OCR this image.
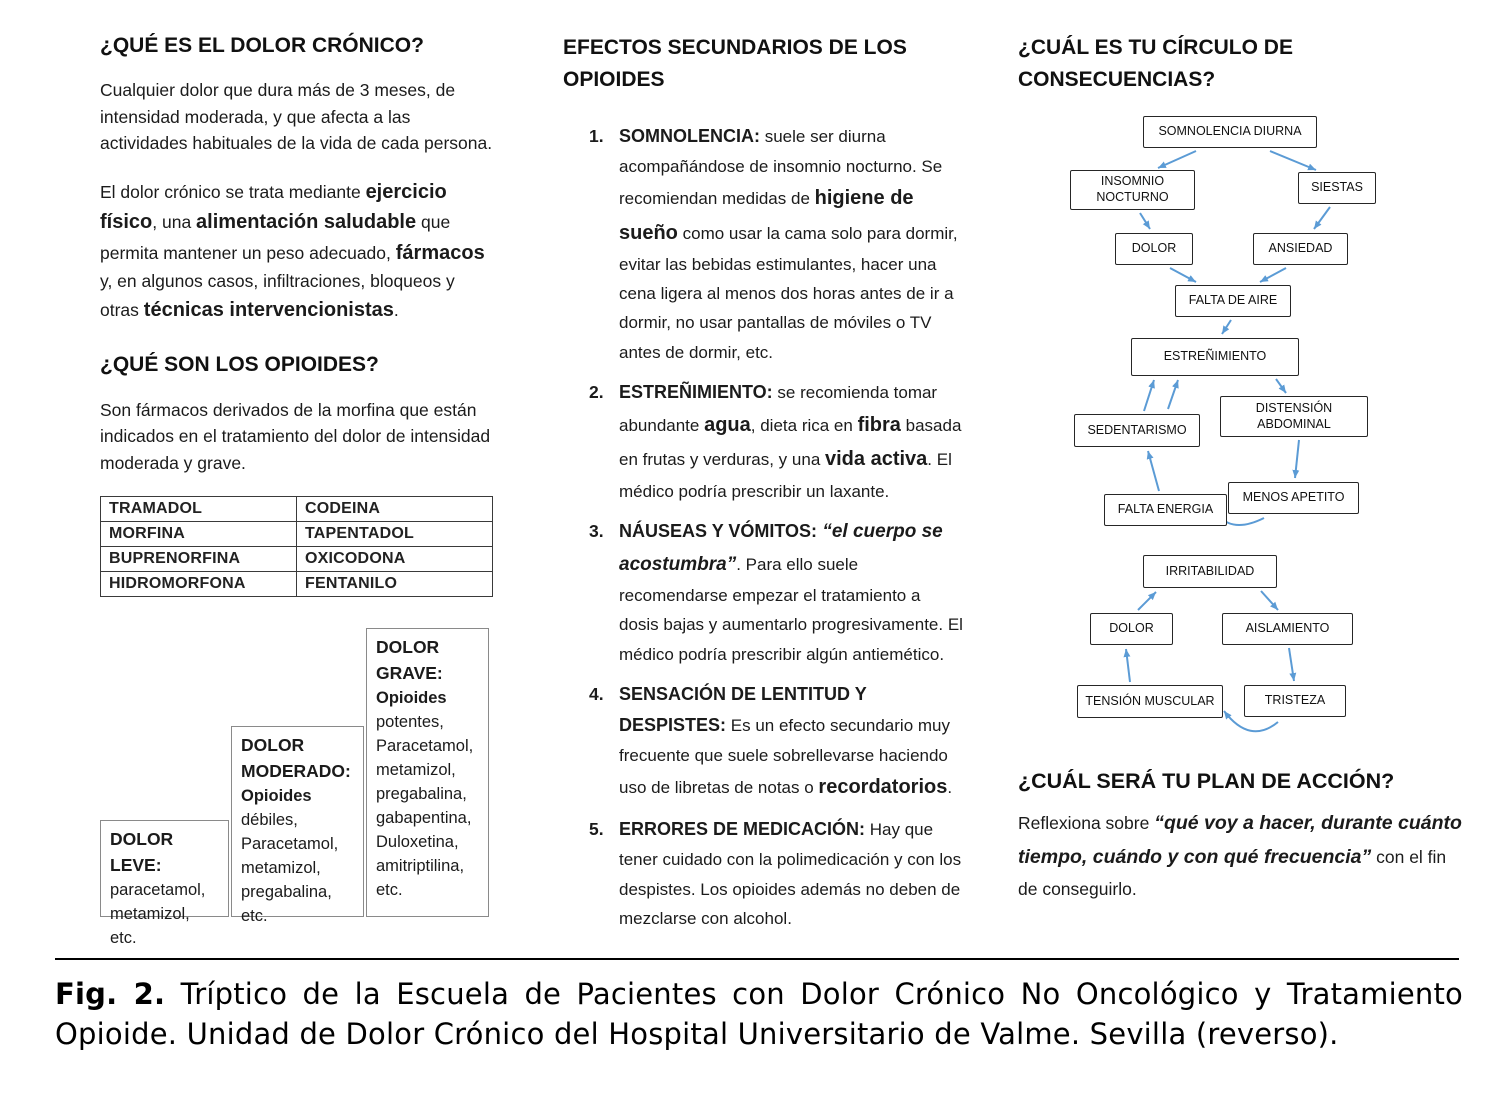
¿QUÉ ES EL DOLOR CRÓNICO?

Cualquier dolor que dura más de 3 meses, de intensidad moderada, y que afecta a las actividades habituales de la vida de cada persona.

El dolor crónico se trata mediante ejercicio físico, una alimentación saludable que permita mantener un peso adecuado, fármacos y, en algunos casos, infiltraciones, bloqueos y otras técnicas intervencionistas.

¿QUÉ SON LOS OPIOIDES?

Son fármacos derivados de la morfina que están indicados en el tratamiento del dolor de intensidad moderada y grave.

TRAMADOL	CODEINA
MORFINA	TAPENTADOL
BUPRENORFINA	OXICODONA
HIDROMORFONA	FENTANILO
DOLOR LEVE: paracetamol, metamizol, etc.
DOLOR MODERADO: Opioides débiles, Paracetamol, metamizol, pregabalina, etc.
DOLOR GRAVE: Opioides potentes, Paracetamol, metamizol, pregabalina, gabapentina, Duloxetina, amitriptilina, etc.
EFECTOS SECUNDARIOS DE LOS OPIOIDES
1. SOMNOLENCIA: suele ser diurna acompañándose de insomnio nocturno. Se recomiendan medidas de higiene de sueño como usar la cama solo para dormir, evitar las bebidas estimulantes, hacer una cena ligera al menos dos horas antes de ir a dormir, no usar pantallas de móviles o TV antes de dormir, etc.
2. ESTREÑIMIENTO: se recomienda tomar abundante agua, dieta rica en fibra basada en frutas y verduras, y una vida activa. El médico podría prescribir un laxante.
3. NÁUSEAS Y VÓMITOS: “el cuerpo se acostumbra”. Para ello suele recomendarse empezar el tratamiento a dosis bajas y aumentarlo progresivamente. El médico podría prescribir algún antiemético.
4. SENSACIÓN DE LENTITUD Y DESPISTES: Es un efecto secundario muy frecuente que suele sobrellevarse haciendo uso de libretas de notas o recordatorios.
5. ERRORES DE MEDICACIÓN: Hay que tener cuidado con la polimedicación y con los despistes. Los opioides además no deben de mezclarse con alcohol.
¿CUÁL ES TU CÍRCULO DE CONSECUENCIAS?
SOMNOLENCIA DIURNA
INSOMNIO NOCTURNO
SIESTAS
DOLOR	ANSIEDAD
FALTA DE AIRE
ESTREÑIMIENTO
SEDENTARISMO
DISTENSIÓN ABDOMINAL
FALTA ENERGIA
MENOS APETITO
IRRITABILIDAD
DOLOR	AISLAMIENTO
TENSIÓN MUSCULAR	TRISTEZA
¿CUÁL SERÁ TU PLAN DE ACCIÓN?

Reflexiona sobre “qué voy a hacer, durante cuánto tiempo, cuándo y con qué frecuencia” con el fin de conseguirlo.

Fig. 2. Tríptico de la Escuela de Pacientes con Dolor Crónico No Oncológico y Tratamiento Opioide. Unidad de Dolor Crónico del Hospital Universitario de Valme. Sevilla (reverso).
